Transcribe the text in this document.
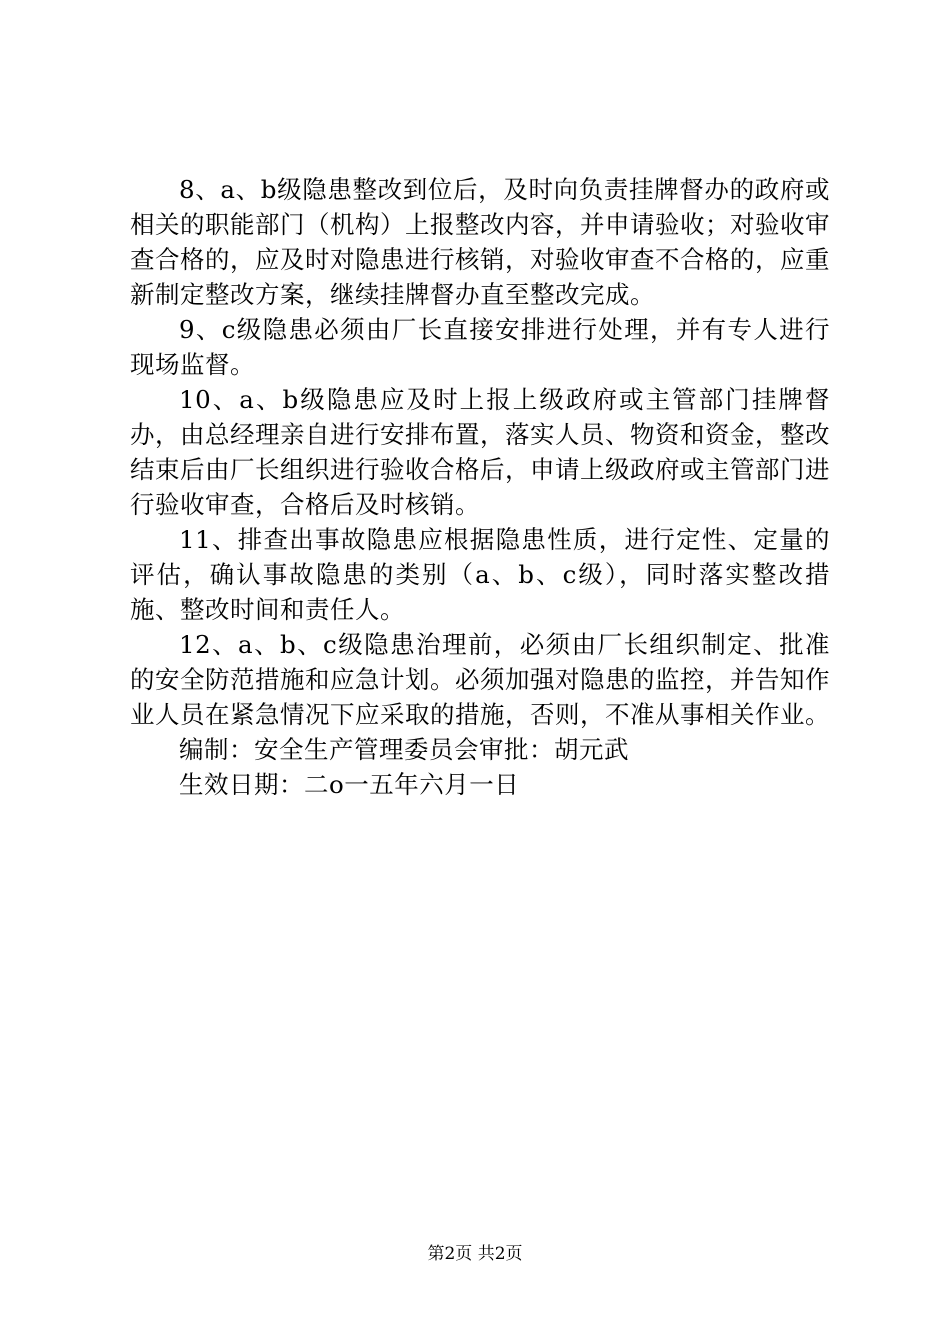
8、a、b级隐患整改到位后，及时向负责挂牌督办的政府或相关的职能部门（机构）上报整改内容，并申请验收；对验收审查合格的，应及时对隐患进行核销，对验收审查不合格的，应重新制定整改方案，继续挂牌督办直至整改完成。

9、c级隐患必须由厂长直接安排进行处理，并有专人进行现场监督。

10、a、b级隐患应及时上报上级政府或主管部门挂牌督办，由总经理亲自进行安排布置，落实人员、物资和资金，整改结束后由厂长组织进行验收合格后，申请上级政府或主管部门进行验收审查，合格后及时核销。

11、排查出事故隐患应根据隐患性质，进行定性、定量的评估，确认事故隐患的类别（a、b、c级），同时落实整改措施、整改时间和责任人。

12、a、b、c级隐患治理前，必须由厂长组织制定、批准的安全防范措施和应急计划。必须加强对隐患的监控，并告知作业人员在紧急情况下应采取的措施，否则，不准从事相关作业。

编制：安全生产管理委员会审批：胡元武

生效日期：二o一五年六月一日

第2页 共2页
